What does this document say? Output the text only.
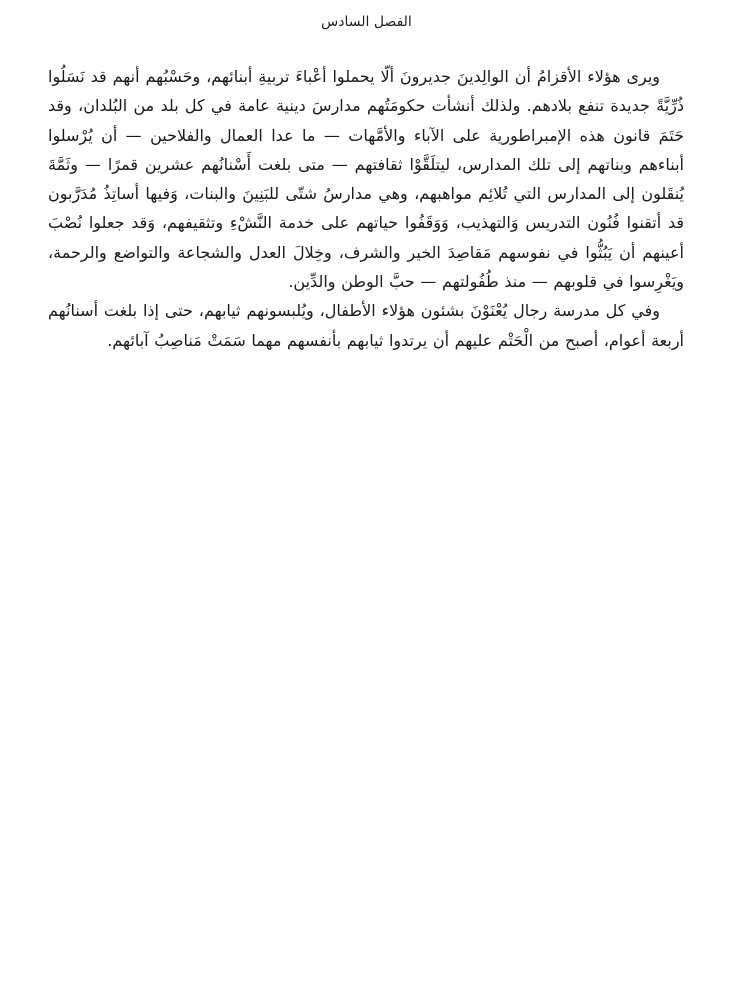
الفصل السادس

ويرى هؤلاء الأقزامُ أن الوالِدينَ جديرونَ ألّا يحملوا أعْباءَ تربيةِ أبنائهم، وحَسْبُهم أنهم قد نَسَلُوا ذُرِّيَّةً جديدة تنفع بلادهم. ولذلك أنشأت حكومَتُهم مدارسَ دينية عامة في كل بلد من البُلدان، وقد حَتَمَ قانون هذه الإمبراطورية على الآباء والأمَّهات — ما عدا العمال والفلاحين — أن يُرْسلوا أبناءهم وبناتهم إلى تلك المدارس، ليتلَقَّوْا ثقافتهم — متى بلغت أَسْنانُهم عشرين قمرًا — وثَمَّةَ يُنقَلون إلى المدارس التي تُلائِم مواهبهم، وهي مدارسُ شتّى للبَنِينَ والبنات، وَفيها أساتِذُ مُدَرَّبون قد أتقنوا فُنُون التدريس وَالتهذيب، وَوَقَفُوا حياتهم على خدمة النَّشْءِ وتثقيفهم، وَقد جعلوا نُصْبَ أعينهم أن يَبُثُّوا في نفوسهم مَقاصِدَ الخير والشرف، وخِلالَ العدل والشجاعة والتواضع والرحمة، ويَغْرِسوا في قلوبهم — منذ طُفُولتهم — حبَّ الوطن والدِّين.

وفي كل مدرسة رجال يُعْنَوْنَ بشئون هؤلاء الأطفال، ويُلبسونهم ثيابهم، حتى إذا بلغت أسنانُهم أربعة أعوام، أصبح من الْحَتْم عليهم أن يرتدوا ثيابهم بأنفسهم مهما سَمَتْ مَناصِبُ آبائهم.
